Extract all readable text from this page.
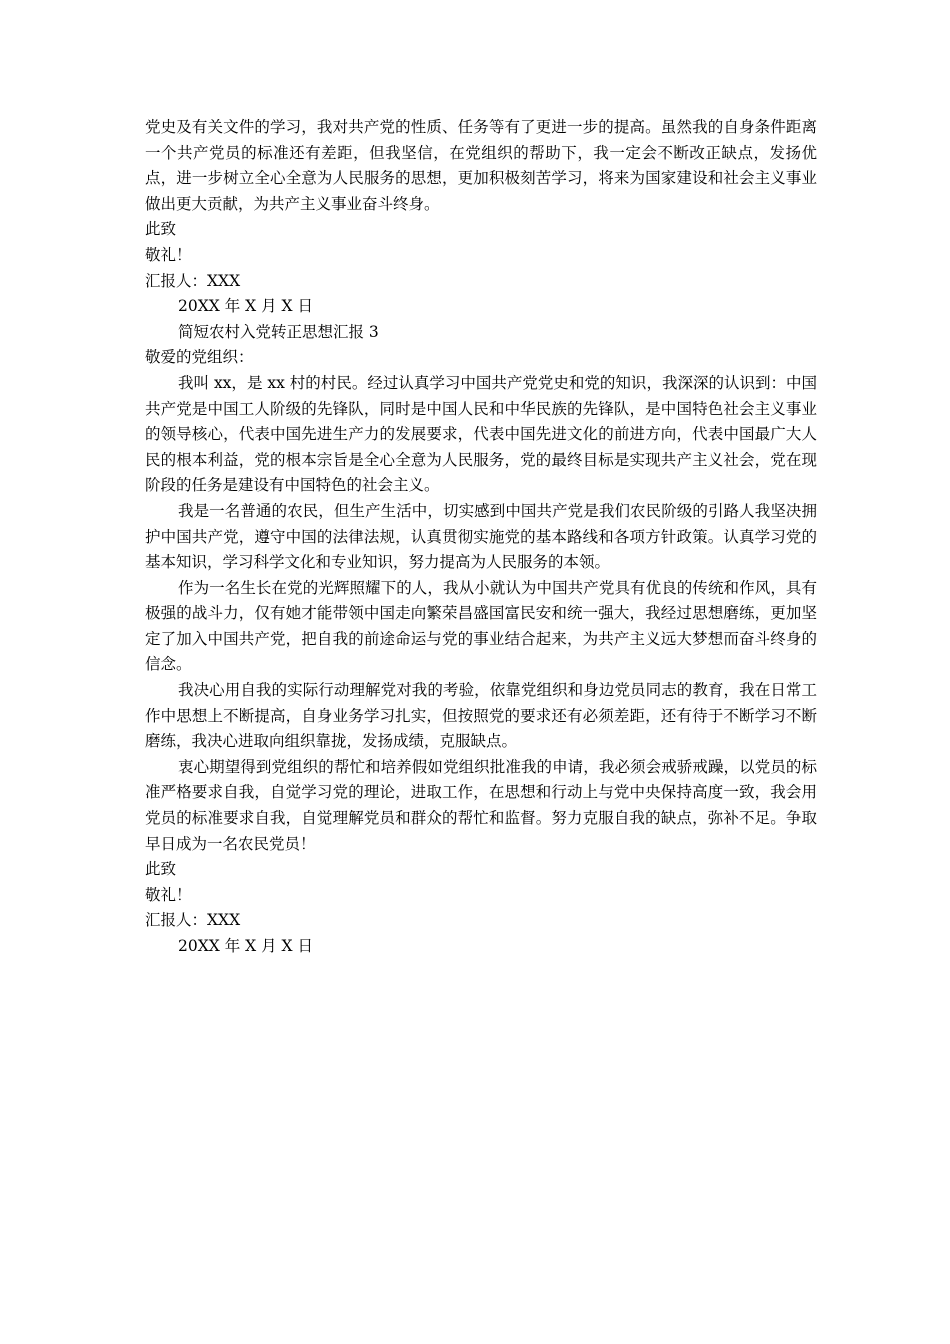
党史及有关文件的学习，我对共产党的性质、任务等有了更进一步的提高。虽然我的自身条件距离一个共产党员的标准还有差距，但我坚信，在党组织的帮助下，我一定会不断改正缺点，发扬优点，进一步树立全心全意为人民服务的思想，更加积极刻苦学习，将来为国家建设和社会主义事业做出更大贡献，为共产主义事业奋斗终身。

此致

敬礼！

汇报人：XXX

20XX 年 X 月 X 日

简短农村入党转正思想汇报 3

敬爱的党组织：

我叫 xx，是 xx 村的村民。经过认真学习中国共产党党史和党的知识，我深深的认识到：中国共产党是中国工人阶级的先锋队，同时是中国人民和中华民族的先锋队，是中国特色社会主义事业的领导核心，代表中国先进生产力的发展要求，代表中国先进文化的前进方向，代表中国最广大人民的根本利益，党的根本宗旨是全心全意为人民服务，党的最终目标是实现共产主义社会，党在现阶段的任务是建设有中国特色的社会主义。

我是一名普通的农民，但生产生活中，切实感到中国共产党是我们农民阶级的引路人我坚决拥护中国共产党，遵守中国的法律法规，认真贯彻实施党的基本路线和各项方针政策。认真学习党的基本知识，学习科学文化和专业知识，努力提高为人民服务的本领。

作为一名生长在党的光辉照耀下的人，我从小就认为中国共产党具有优良的传统和作风，具有极强的战斗力，仅有她才能带领中国走向繁荣昌盛国富民安和统一强大，我经过思想磨练，更加坚定了加入中国共产党，把自我的前途命运与党的事业结合起来，为共产主义远大梦想而奋斗终身的信念。

我决心用自我的实际行动理解党对我的考验，依靠党组织和身边党员同志的教育，我在日常工作中思想上不断提高，自身业务学习扎实，但按照党的要求还有必须差距，还有待于不断学习不断磨练，我决心进取向组织靠拢，发扬成绩，克服缺点。

衷心期望得到党组织的帮忙和培养假如党组织批准我的申请，我必须会戒骄戒躁，以党员的标准严格要求自我，自觉学习党的理论，进取工作，在思想和行动上与党中央保持高度一致，我会用党员的标准要求自我，自觉理解党员和群众的帮忙和监督。努力克服自我的缺点，弥补不足。争取早日成为一名农民党员！

此致

敬礼！

汇报人：XXX

20XX 年 X 月 X 日
